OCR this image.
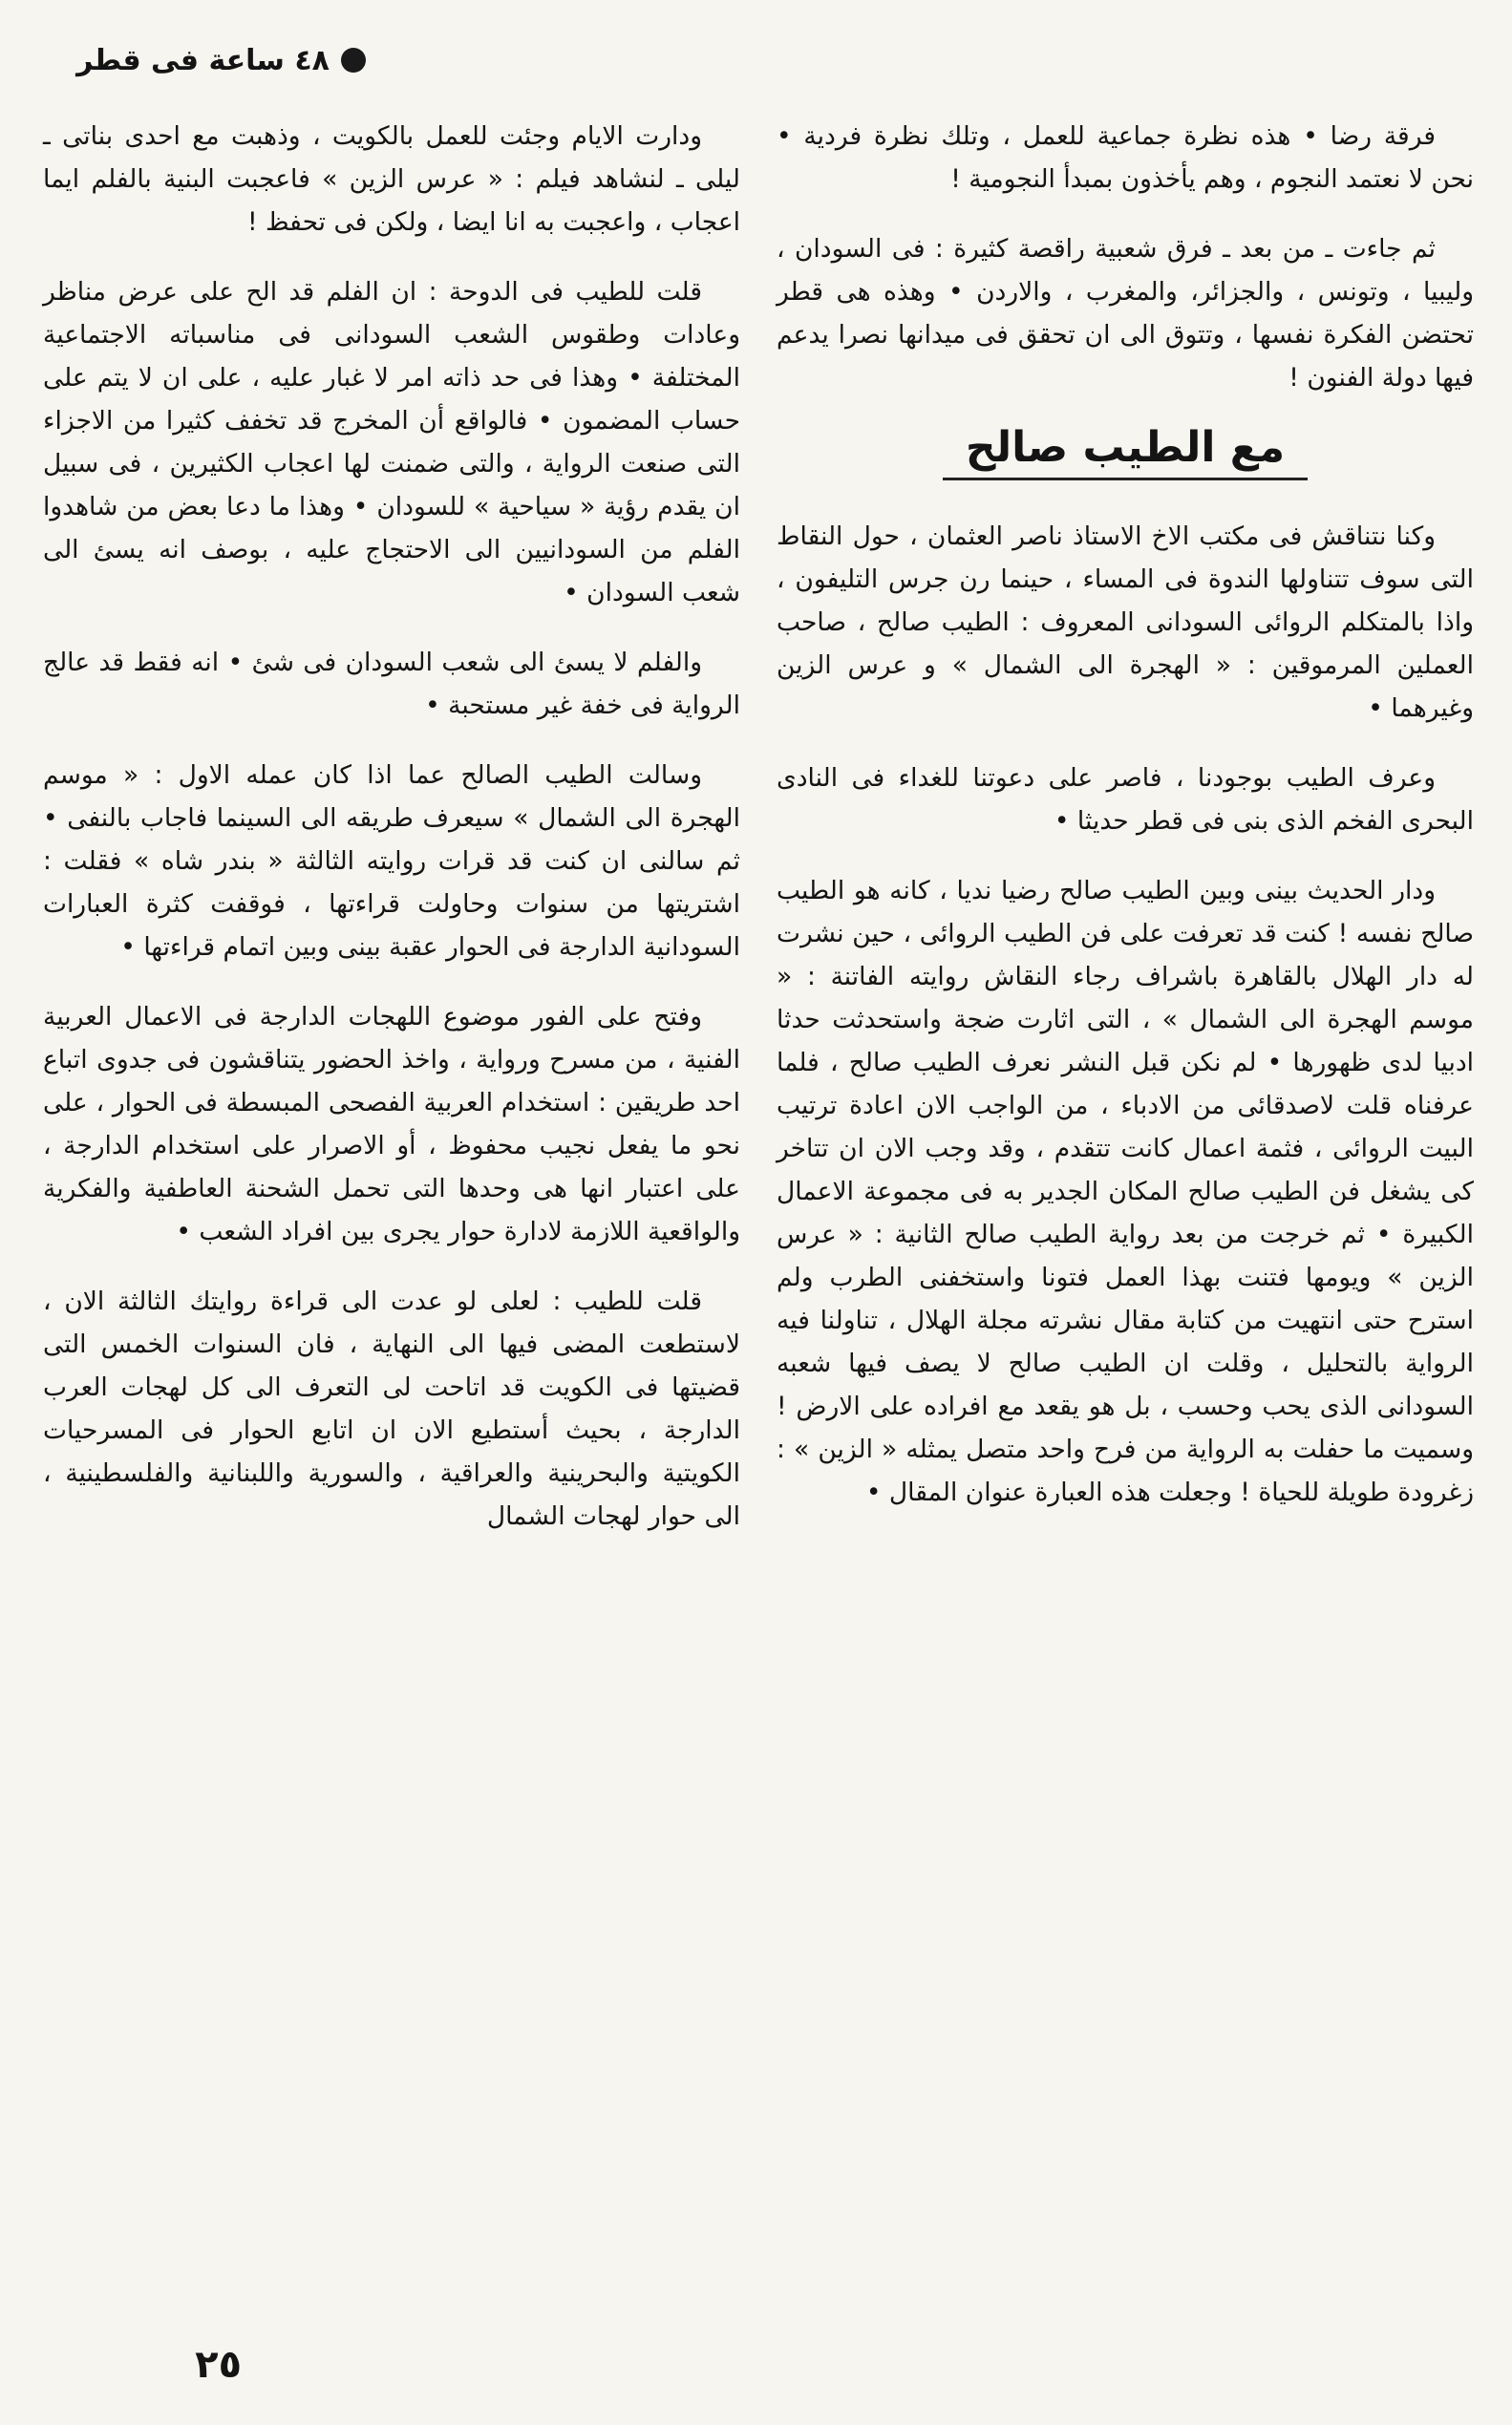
٤٨ ساعة فى قطر

فرقة رضا • هذه نظرة جماعية للعمل ، وتلك نظرة فردية • نحن لا نعتمد النجوم ، وهم يأخذون بمبدأ النجومية !

ثم جاءت ـ من بعد ـ فرق شعبية راقصة كثيرة : فى السودان ، وليبيا ، وتونس ، والجزائر، والمغرب ، والاردن • وهذه هى قطر تحتضن الفكرة نفسها ، وتتوق الى ان تحقق فى ميدانها نصرا يدعم فيها دولة الفنون !

مع الطيب صالح

وكنا نتناقش فى مكتب الاخ الاستاذ ناصر العثمان ، حول النقاط التى سوف تتناولها الندوة فى المساء ، حينما رن جرس التليفون ، واذا بالمتكلم الروائى السودانى المعروف : الطيب صالح ، صاحب العملين المرموقين : « الهجرة الى الشمال » و عرس الزين وغيرهما •

وعرف الطيب بوجودنا ، فاصر على دعوتنا للغداء فى النادى البحرى الفخم الذى بنى فى قطر حديثا •

ودار الحديث بينى وبين الطيب صالح رضيا نديا ، كانه هو الطيب صالح نفسه ! كنت قد تعرفت على فن الطيب الروائى ، حين نشرت له دار الهلال بالقاهرة باشراف رجاء النقاش روايته الفاتنة : « موسم الهجرة الى الشمال » ، التى اثارت ضجة واستحدثت حدثا ادبيا لدى ظهورها • لم نكن قبل النشر نعرف الطيب صالح ، فلما عرفناه قلت لاصدقائى من الادباء ، من الواجب الان اعادة ترتيب البيت الروائى ، فثمة اعمال كانت تتقدم ، وقد وجب الان ان تتاخر كى يشغل فن الطيب صالح المكان الجدير به فى مجموعة الاعمال الكبيرة • ثم خرجت من بعد رواية الطيب صالح الثانية : « عرس الزين » ويومها فتنت بهذا العمل فتونا واستخفنى الطرب ولم استرح حتى انتهيت من كتابة مقال نشرته مجلة الهلال ، تناولنا فيه الرواية بالتحليل ، وقلت ان الطيب صالح لا يصف فيها شعبه السودانى الذى يحب وحسب ، بل هو يقعد مع افراده على الارض ! وسميت ما حفلت به الرواية من فرح واحد متصل يمثله « الزين » : زغرودة طويلة للحياة ! وجعلت هذه العبارة عنوان المقال •

ودارت الايام وجئت للعمل بالكويت ، وذهبت مع احدى بناتى ـ ليلى ـ لنشاهد فيلم : « عرس الزين » فاعجبت البنية بالفلم ايما اعجاب ، واعجبت به انا ايضا ، ولكن فى تحفظ !

قلت للطيب فى الدوحة : ان الفلم قد الح على عرض مناظر وعادات وطقوس الشعب السودانى فى مناسباته الاجتماعية المختلفة • وهذا فى حد ذاته امر لا غبار عليه ، على ان لا يتم على حساب المضمون • فالواقع أن المخرج قد تخفف كثيرا من الاجزاء التى صنعت الرواية ، والتى ضمنت لها اعجاب الكثيرين ، فى سبيل ان يقدم رؤية « سياحية » للسودان • وهذا ما دعا بعض من شاهدوا الفلم من السودانيين الى الاحتجاج عليه ، بوصف انه يسئ الى شعب السودان •

والفلم لا يسئ الى شعب السودان فى شئ • انه فقط قد عالج الرواية فى خفة غير مستحبة •

وسالت الطيب الصالح عما اذا كان عمله الاول : « موسم الهجرة الى الشمال » سيعرف طريقه الى السينما فاجاب بالنفى • ثم سالنى ان كنت قد قرات روايته الثالثة « بندر شاه » فقلت : اشتريتها من سنوات وحاولت قراءتها ، فوقفت كثرة العبارات السودانية الدارجة فى الحوار عقبة بينى وبين اتمام قراءتها •

وفتح على الفور موضوع اللهجات الدارجة فى الاعمال العربية الفنية ، من مسرح ورواية ، واخذ الحضور يتناقشون فى جدوى اتباع احد طريقين : استخدام العربية الفصحى المبسطة فى الحوار ، على نحو ما يفعل نجيب محفوظ ، أو الاصرار على استخدام الدارجة ، على اعتبار انها هى وحدها التى تحمل الشحنة العاطفية والفكرية والواقعية اللازمة لادارة حوار يجرى بين افراد الشعب •

قلت للطيب : لعلى لو عدت الى قراءة روايتك الثالثة الان ، لاستطعت المضى فيها الى النهاية ، فان السنوات الخمس التى قضيتها فى الكويت قد اتاحت لى التعرف الى كل لهجات العرب الدارجة ، بحيث أستطيع الان ان اتابع الحوار فى المسرحيات الكويتية والبحرينية والعراقية ، والسورية واللبنانية والفلسطينية ، الى حوار لهجات الشمال

٢٥
